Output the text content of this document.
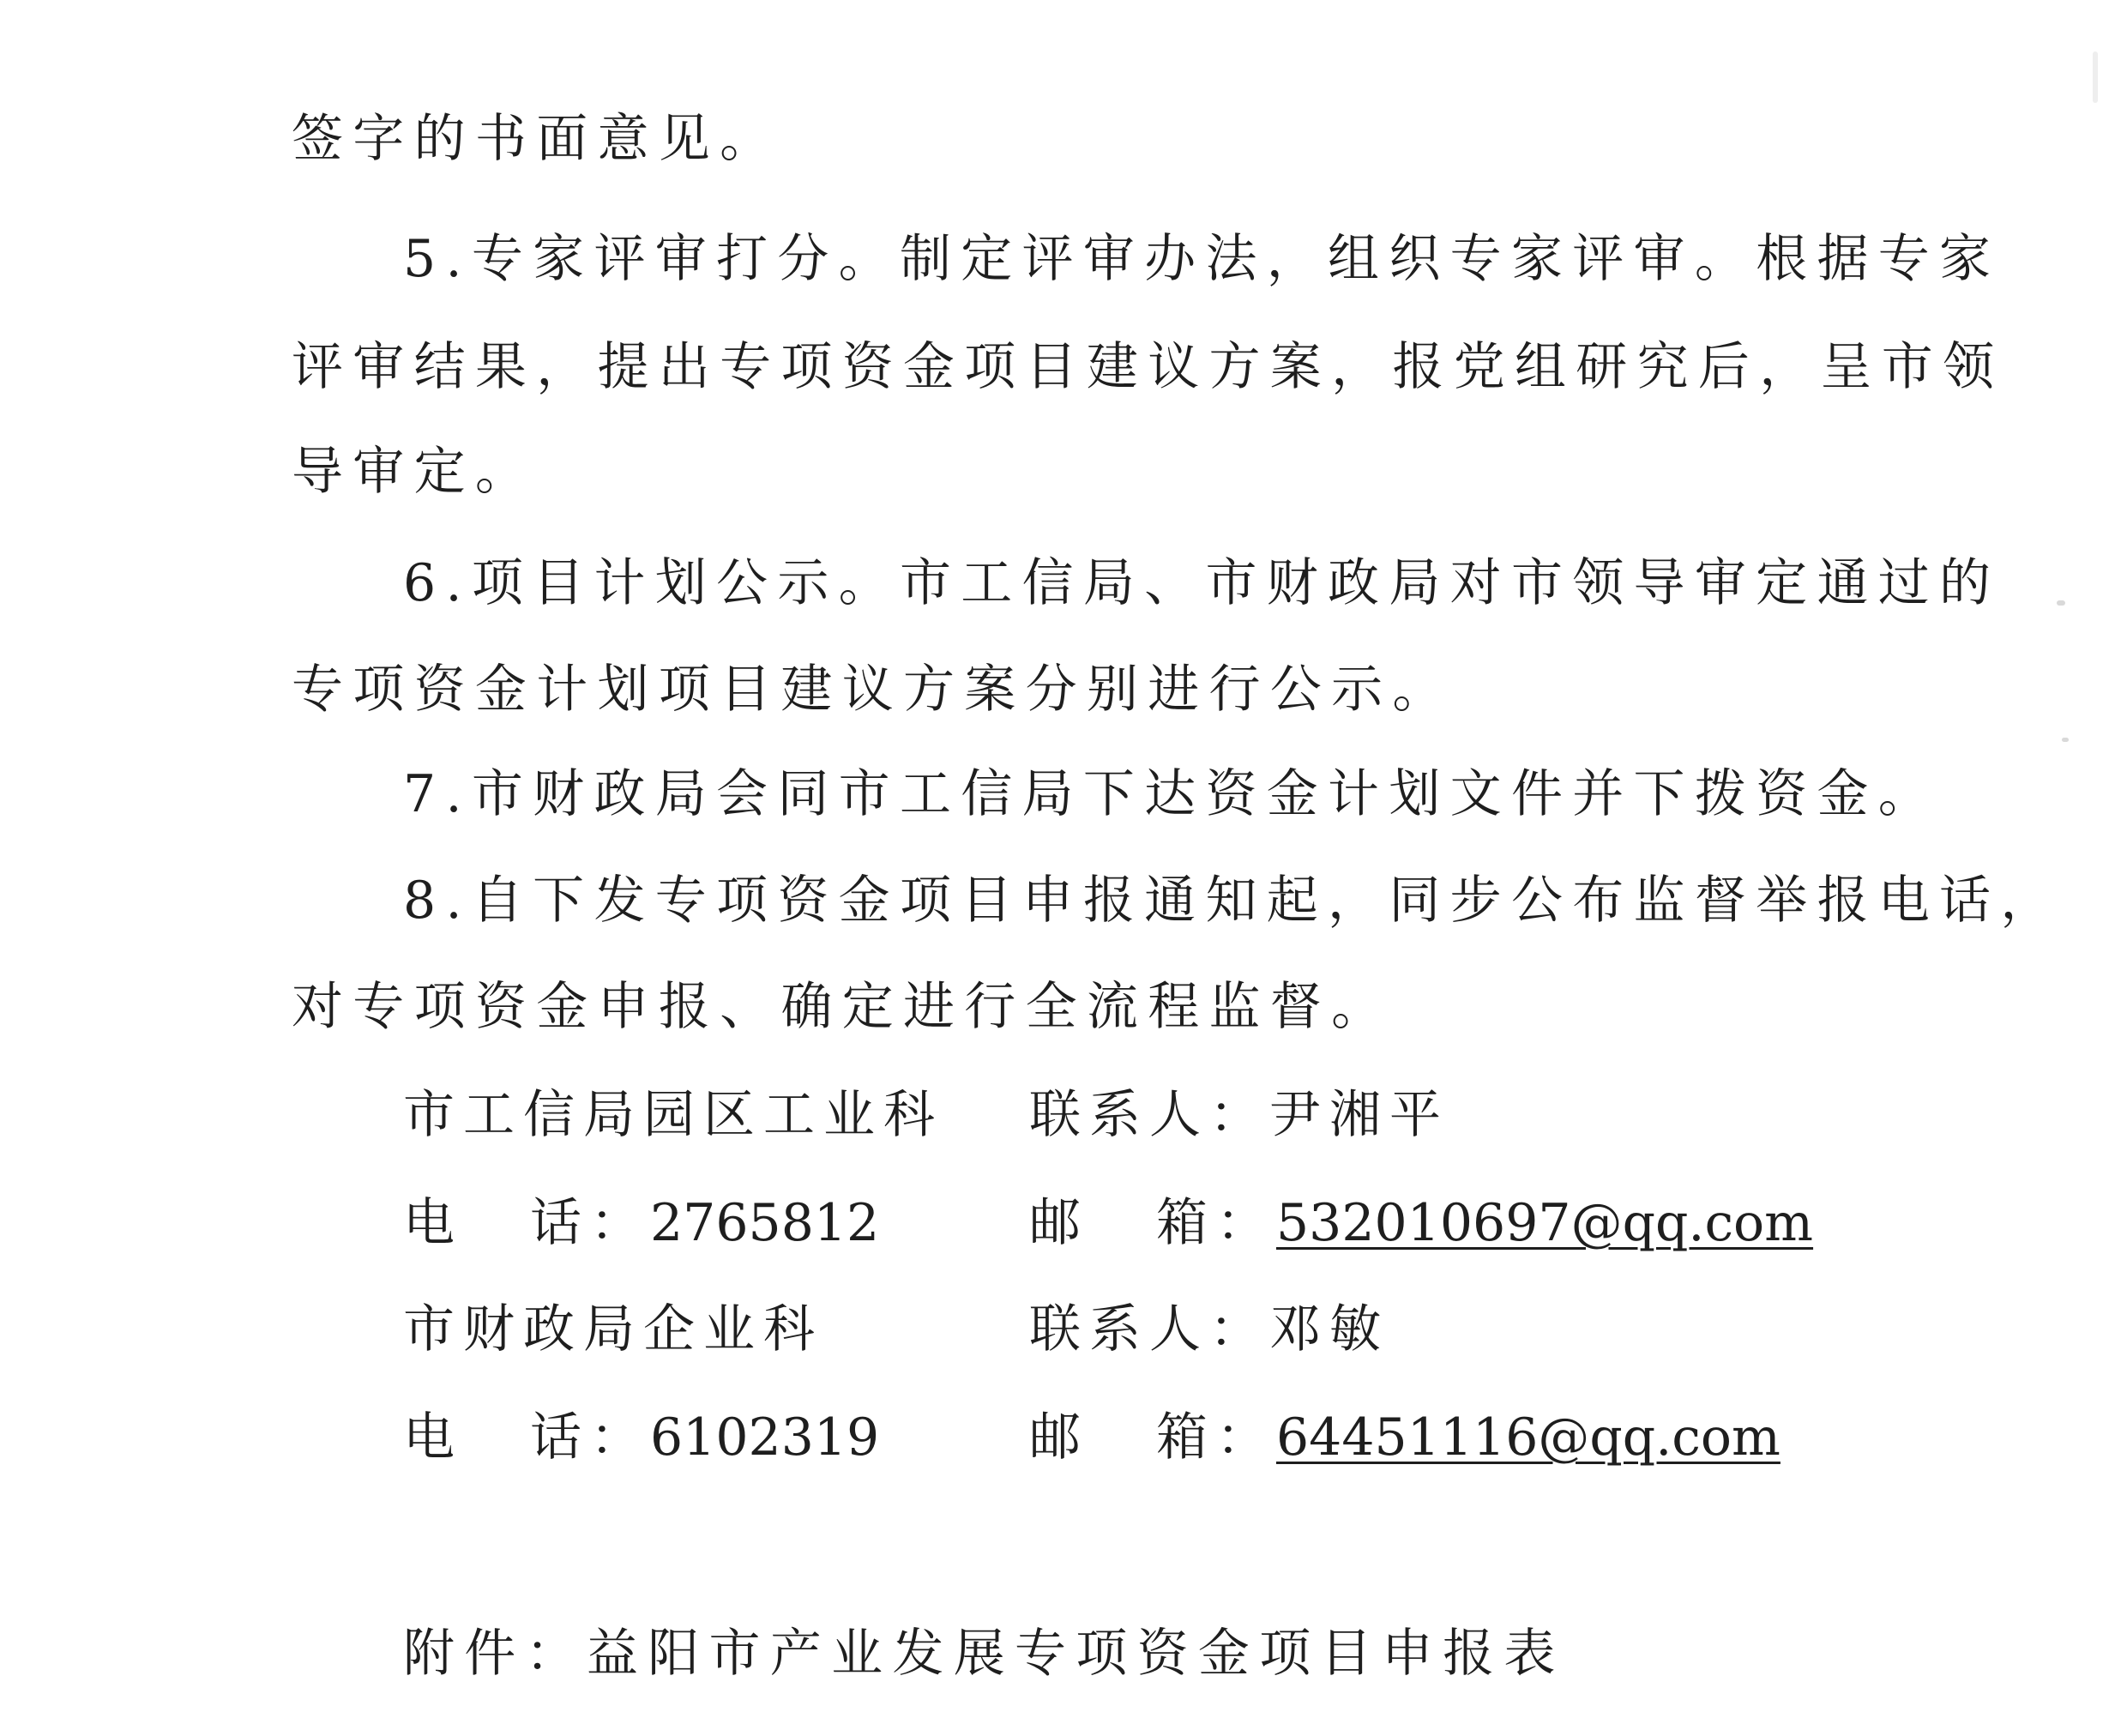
签字的书面意见。
5.专家评审打分。制定评审办法，组织专家评审。根据专家
评审结果，提出专项资金项目建议方案，报党组研究后，呈市领
导审定。
6.项目计划公示。市工信局、市财政局对市领导审定通过的
专项资金计划项目建议方案分别进行公示。
7.市财政局会同市工信局下达资金计划文件并下拨资金。
8.自下发专项资金项目申报通知起，同步公布监督举报电话，
对专项资金申报、确定进行全流程监督。
市工信局园区工业科 联系人：尹湘平
电 话：2765812	邮 箱：532010697@qq.com
市财政局企业科	联系人：邓敏
电 话：6102319	邮 箱：64451116@qq.com
附件：益阳市产业发展专项资金项目申报表
